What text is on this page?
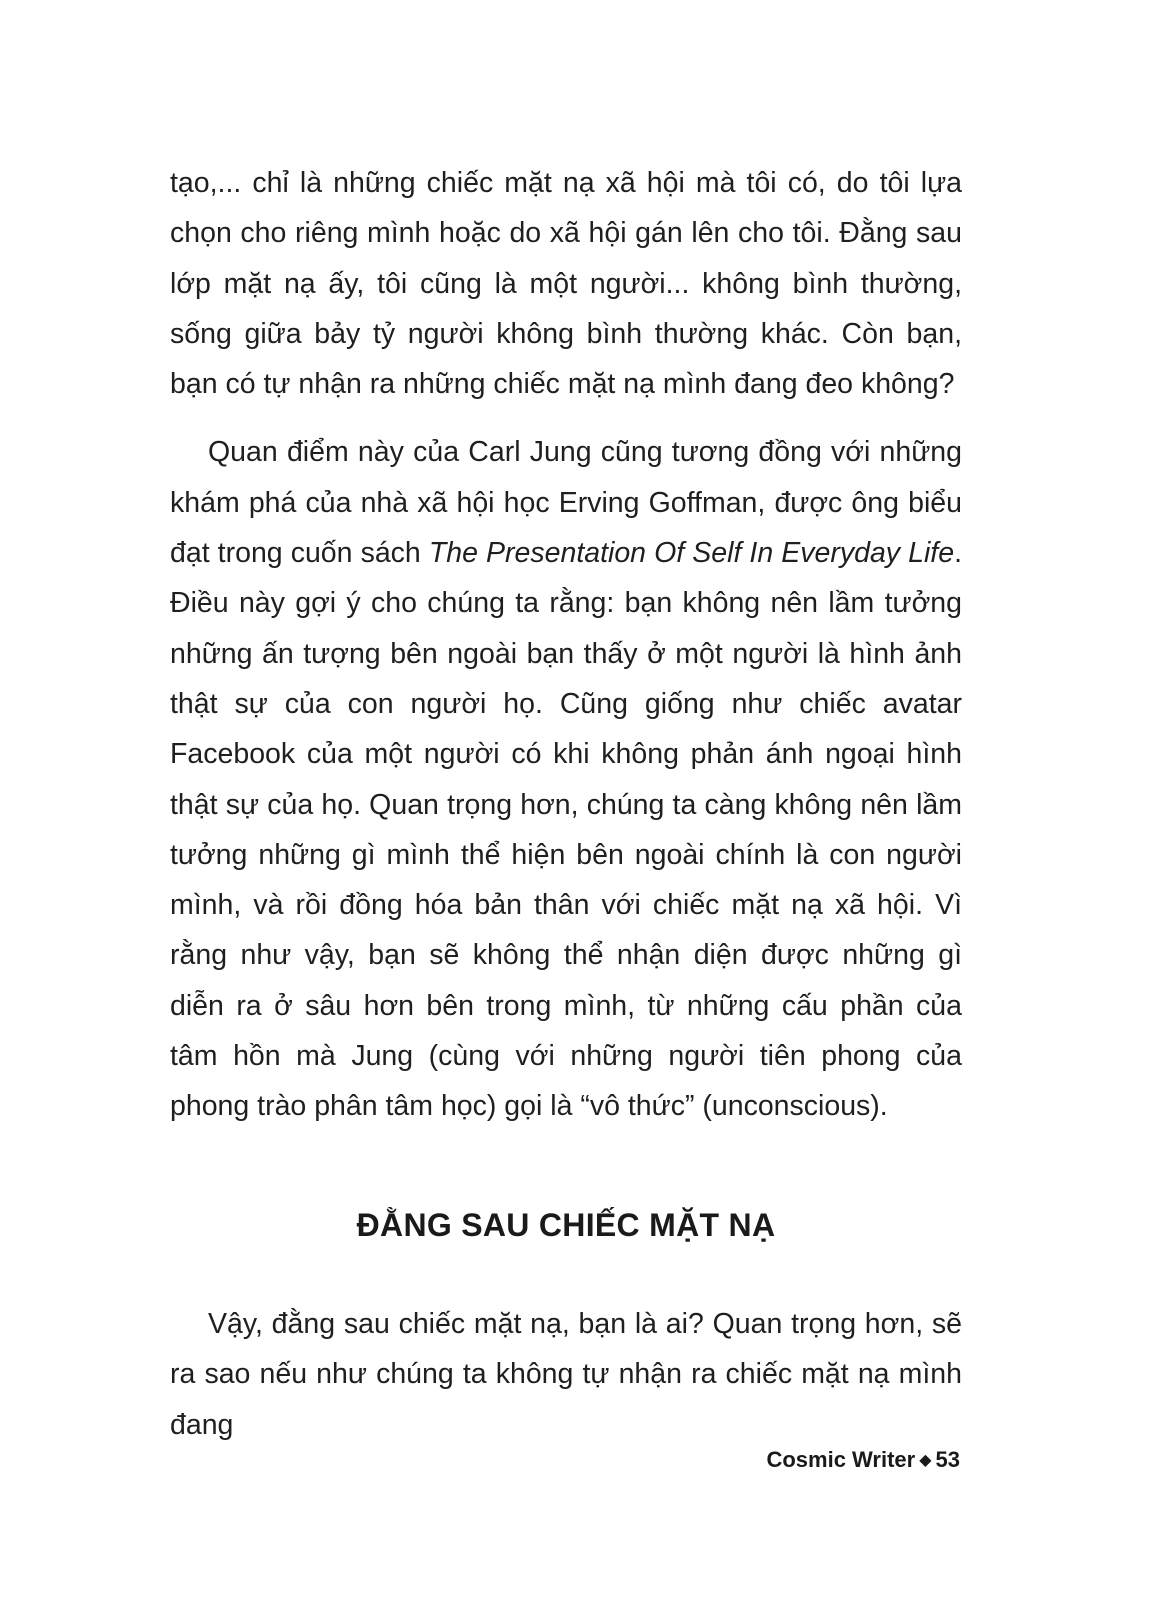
tạo,... chỉ là những chiếc mặt nạ xã hội mà tôi có, do tôi lựa chọn cho riêng mình hoặc do xã hội gán lên cho tôi. Đằng sau lớp mặt nạ ấy, tôi cũng là một người... không bình thường, sống giữa bảy tỷ người không bình thường khác. Còn bạn, bạn có tự nhận ra những chiếc mặt nạ mình đang đeo không?

Quan điểm này của Carl Jung cũng tương đồng với những khám phá của nhà xã hội học Erving Goffman, được ông biểu đạt trong cuốn sách The Presentation Of Self In Everyday Life. Điều này gợi ý cho chúng ta rằng: bạn không nên lầm tưởng những ấn tượng bên ngoài bạn thấy ở một người là hình ảnh thật sự của con người họ. Cũng giống như chiếc avatar Facebook của một người có khi không phản ánh ngoại hình thật sự của họ. Quan trọng hơn, chúng ta càng không nên lầm tưởng những gì mình thể hiện bên ngoài chính là con người mình, và rồi đồng hóa bản thân với chiếc mặt nạ xã hội. Vì rằng như vậy, bạn sẽ không thể nhận diện được những gì diễn ra ở sâu hơn bên trong mình, từ những cấu phần của tâm hồn mà Jung (cùng với những người tiên phong của phong trào phân tâm học) gọi là “vô thức” (unconscious).

ĐẰNG SAU CHIẾC MẶT NẠ

Vậy, đằng sau chiếc mặt nạ, bạn là ai? Quan trọng hơn, sẽ ra sao nếu như chúng ta không tự nhận ra chiếc mặt nạ mình đang

Cosmic Writer ◆ 53
